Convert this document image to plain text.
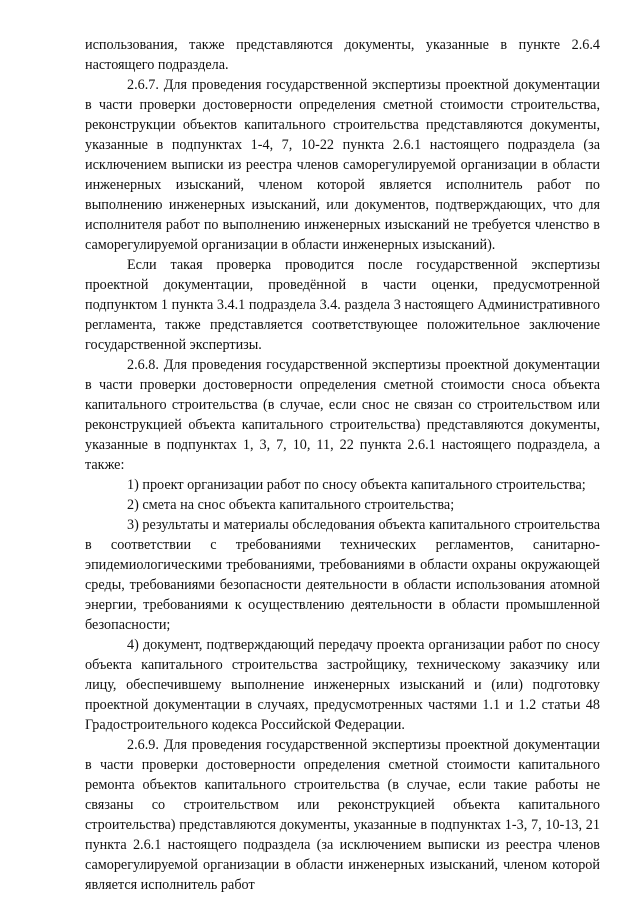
использования, также представляются документы, указанные в пункте 2.6.4 настоящего подраздела.

2.6.7. Для проведения государственной экспертизы проектной документации в части проверки достоверности определения сметной стоимости строительства, реконструкции объектов капитального строительства представляются документы, указанные в подпунктах 1-4, 7, 10-22 пункта 2.6.1 настоящего подраздела (за исключением выписки из реестра членов саморегулируемой организации в области инженерных изысканий, членом которой является исполнитель работ по выполнению инженерных изысканий, или документов, подтверждающих, что для исполнителя работ по выполнению инженерных изысканий не требуется членство в саморегулируемой организации в области инженерных изысканий).

Если такая проверка проводится после государственной экспертизы проектной документации, проведённой в части оценки, предусмотренной подпунктом 1 пункта 3.4.1 подраздела 3.4. раздела 3 настоящего Административного регламента, также представляется соответствующее положительное заключение государственной экспертизы.

2.6.8. Для проведения государственной экспертизы проектной документации в части проверки достоверности определения сметной стоимости сноса объекта капитального строительства (в случае, если снос не связан со строительством или реконструкцией объекта капитального строительства) представляются документы, указанные в подпунктах 1, 3, 7, 10, 11, 22 пункта 2.6.1 настоящего подраздела, а также:

1) проект организации работ по сносу объекта капитального строительства;

2) смета на снос объекта капитального строительства;

3) результаты и материалы обследования объекта капитального строительства в соответствии с требованиями технических регламентов, санитарно-эпидемиологическими требованиями, требованиями в области охраны окружающей среды, требованиями безопасности деятельности в области использования атомной энергии, требованиями к осуществлению деятельности в области промышленной безопасности;

4) документ, подтверждающий передачу проекта организации работ по сносу объекта капитального строительства застройщику, техническому заказчику или лицу, обеспечившему выполнение инженерных изысканий и (или) подготовку проектной документации в случаях, предусмотренных частями 1.1 и 1.2 статьи 48 Градостроительного кодекса Российской Федерации.

2.6.9. Для проведения государственной экспертизы проектной документации в части проверки достоверности определения сметной стоимости капитального ремонта объектов капитального строительства (в случае, если такие работы не связаны со строительством или реконструкцией объекта капитального строительства) представляются документы, указанные в подпунктах 1-3, 7, 10-13, 21 пункта 2.6.1 настоящего подраздела (за исключением выписки из реестра членов саморегулируемой организации в области инженерных изысканий, членом которой является исполнитель работ
